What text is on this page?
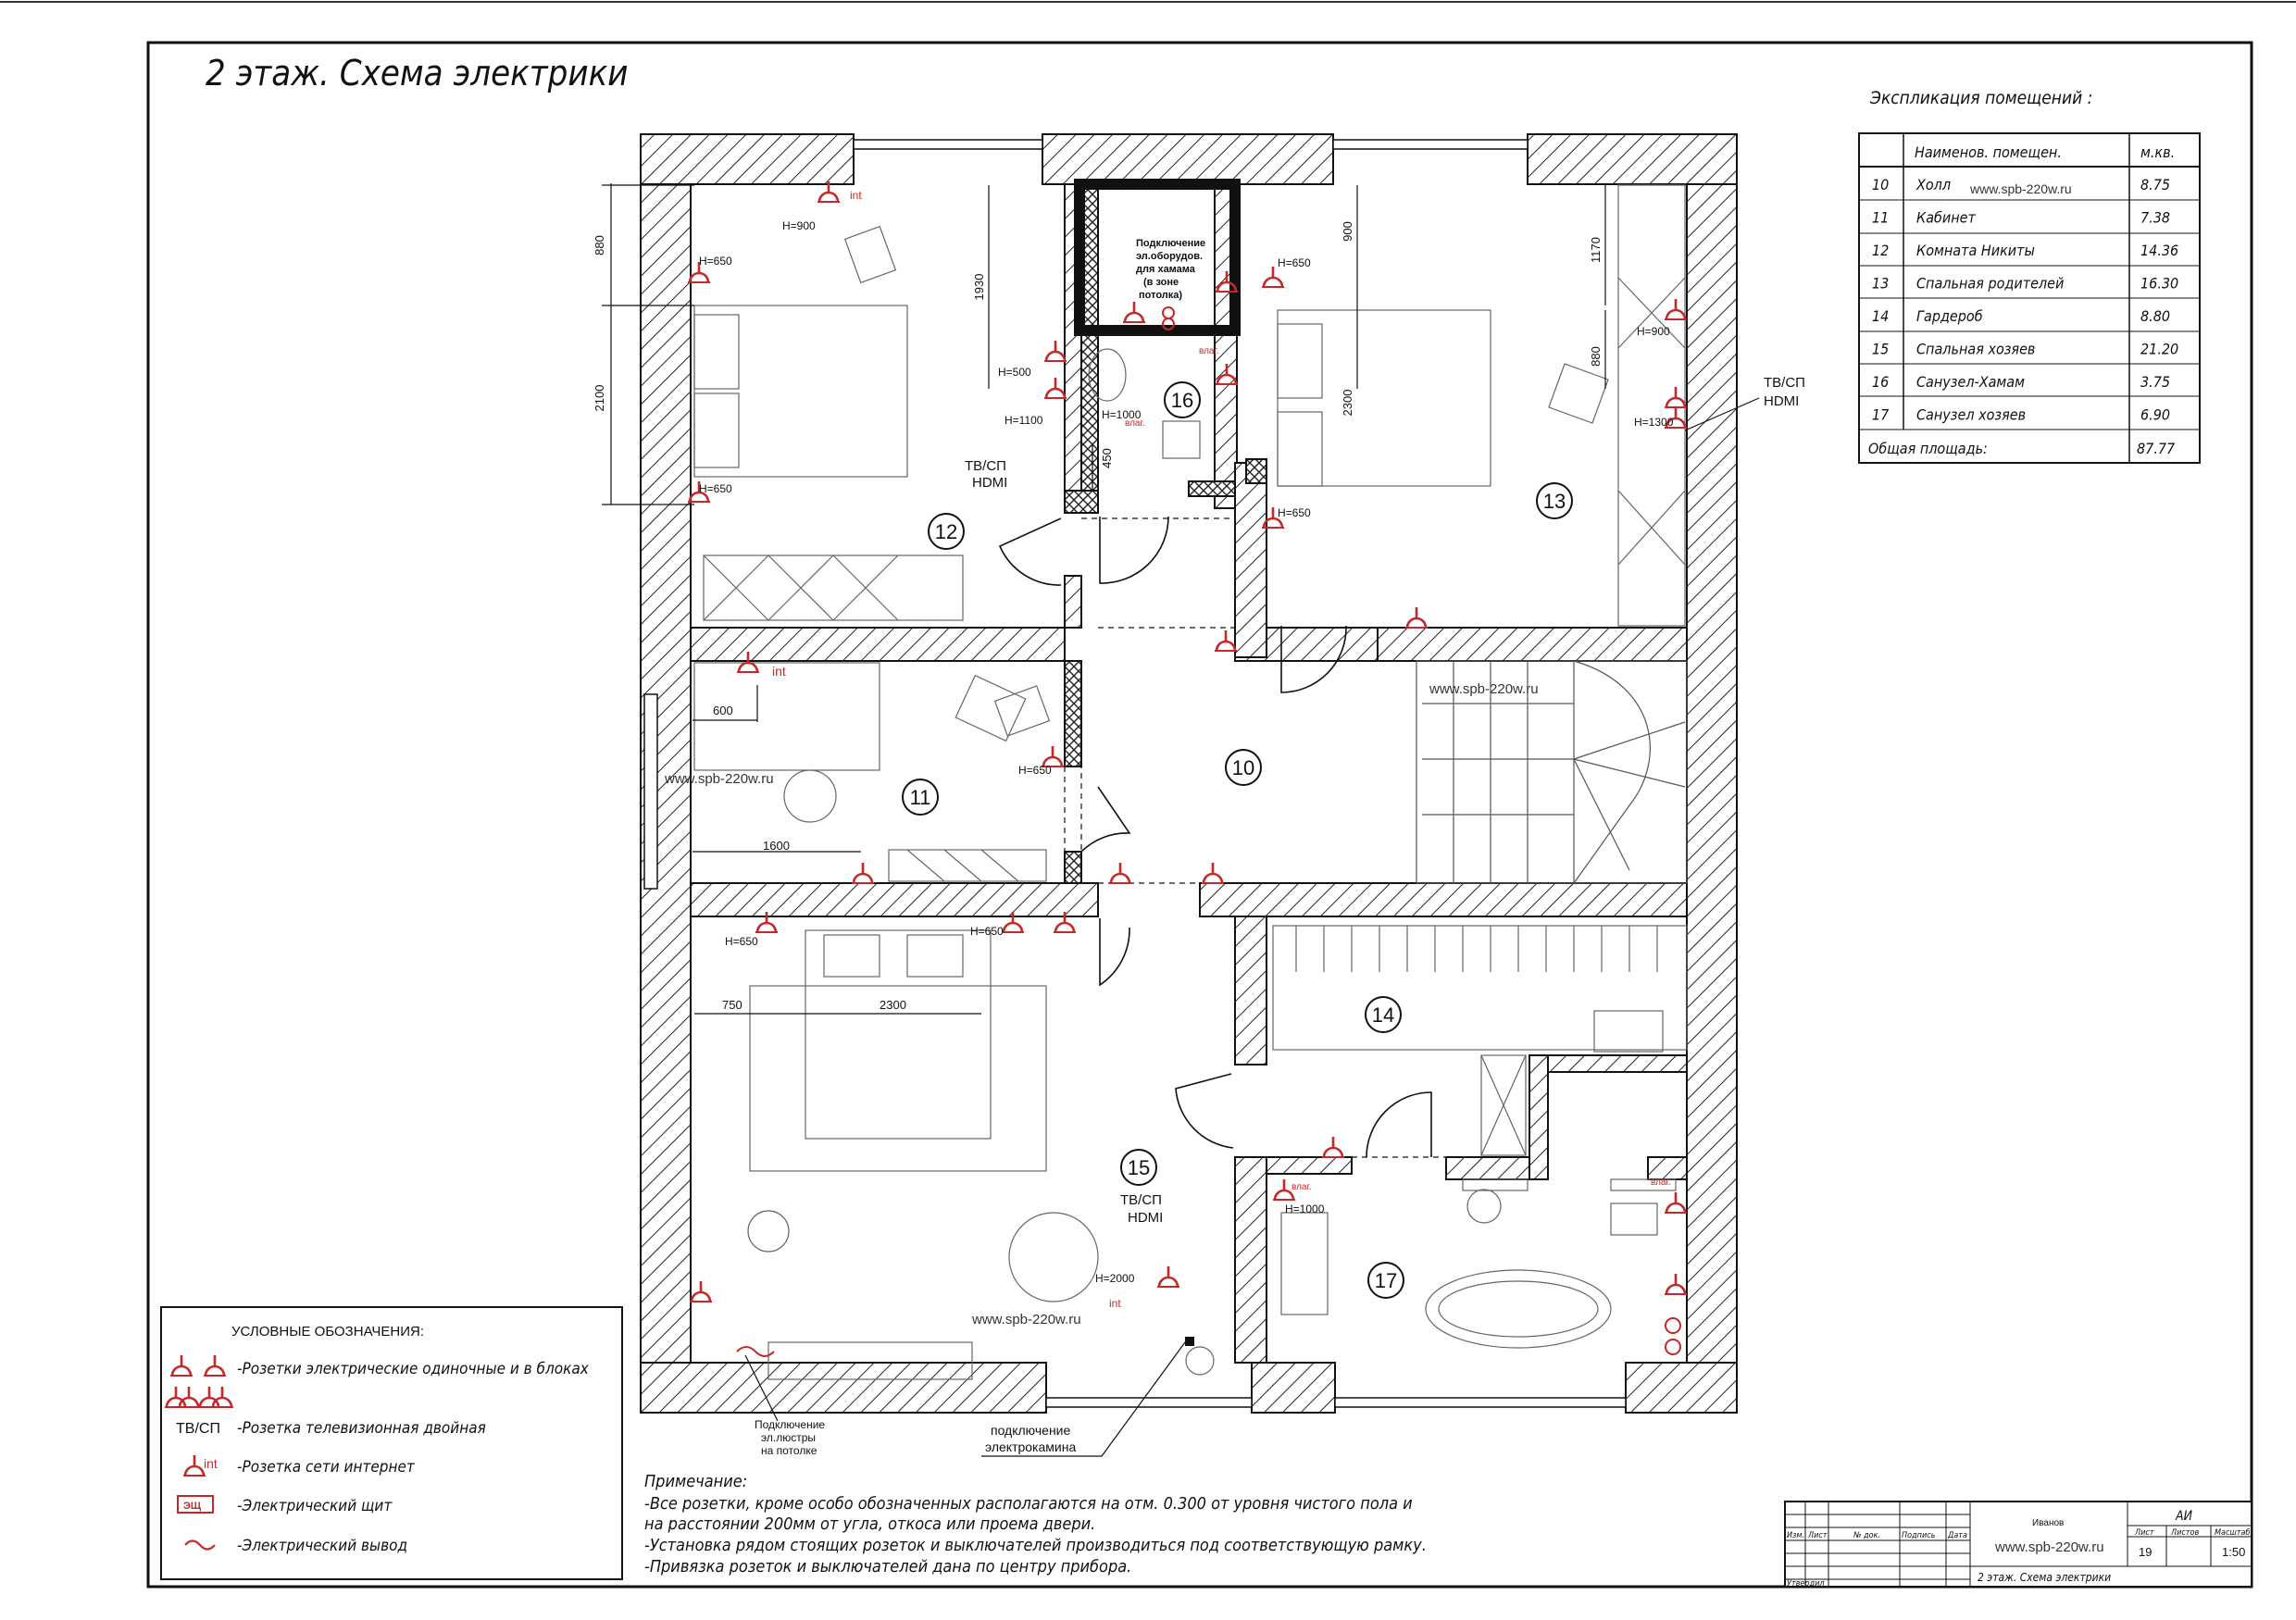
2 этаж. Схема электрики
12
16
13
11
10
14
15
17
880
2100
1930
450
900
2300
1170
880
600
1600
750	2300
H=900
H=650
H=650
H=500
H=1100	H=1000
H=650
H=650
H=900
H=1300
H=650
H=650
H=650
H=1000
H=2000
ТВ/СП
HDMI
ТВ/СП
HDMI
ТВ/СП
HDMI
int
int
int
влаг.
влаг.
влаг.	влаг.
Подключение
эл.оборудов.
для хамама
(в зоне
потолка)
Подключение
эл.люстры
на потолке
подключение
электрокамина
www.spb-220w.ru
www.spb-220w.ru
www.spb-220w.ru
Экспликация помещений :
Наименов. помещен.	м.кв.
10 Холл	8.75
11 Кабинет	7.38
12 Комната Никиты	14.36
13 Спальная родителей	16.30
14 Гардероб	8.80
15 Спальная хозяев	21.20
16 Санузел-Хамам	3.75
17 Санузел хозяев	6.90
Общая площадь:	87.77
www.spb-220w.ru
УСЛОВНЫЕ ОБОЗНАЧЕНИЯ:
int
ЭЩ
ТВ/СП
-Розетки электрические одиночные и в блоках
-Розетка телевизионная двойная
-Розетка сети интернет
-Электрический щит
-Электрический вывод
Примечание:
-Все розетки, кроме особо обозначенных располагаются на отм. 0.300 от уровня чистого пола и
на расстоянии 200мм от угла, откоса или проема двери.
-Установка рядом стоящих розеток и выключателей производиться под соответствующую рамку.
-Привязка розеток и выключателей дана по центру прибора.
Изм. Лист	№ док.	Подпись Дата
Утвердил
Лист Листов Масштаб
Иванов
www.spb-220w.ru
АИ
19	1:50
2 этаж. Схема электрики
